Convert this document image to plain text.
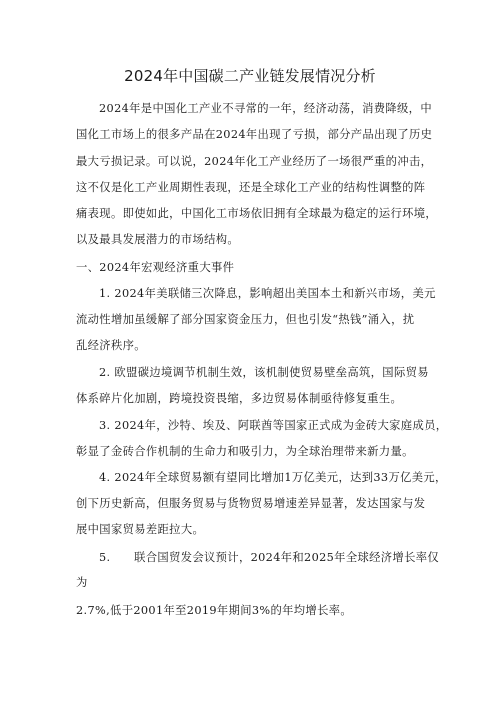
2024年中国碳二产业链发展情况分析
2024年是中国化工产业不寻常的一年，经济动荡，消费降级，中
国化工市场上的很多产品在2024年出现了亏损，部分产品出现了历史
最大亏损记录。可以说，2024年化工产业经历了一场很严重的冲击，
这不仅是化工产业周期性表现，还是全球化工产业的结构性调整的阵
痛表现。即使如此，中国化工市场依旧拥有全球最为稳定的运行环境，
以及最具发展潜力的市场结构。
一、2024年宏观经济重大事件
1. 2024年美联储三次降息，影响超出美国本土和新兴市场，美元
流动性增加虽缓解了部分国家资金压力，但也引发“热钱”涌入，扰
乱经济秩序。
2. 欧盟碳边境调节机制生效，该机制使贸易壁垒高筑，国际贸易
体系碎片化加剧，跨境投资畏缩，多边贸易体制亟待修复重生。
3. 2024年，沙特、埃及、阿联酋等国家正式成为金砖大家庭成员，
彰显了金砖合作机制的生命力和吸引力，为全球治理带来新力量。
4. 2024年全球贸易额有望同比增加1万亿美元，达到33万亿美元，
创下历史新高，但服务贸易与货物贸易增速差异显著，发达国家与发
展中国家贸易差距拉大。
5.      联合国贸发会议预计，2024年和2025年全球经济增长率仅
为
2.7%,低于2001年至2019年期间3%的年均增长率。
